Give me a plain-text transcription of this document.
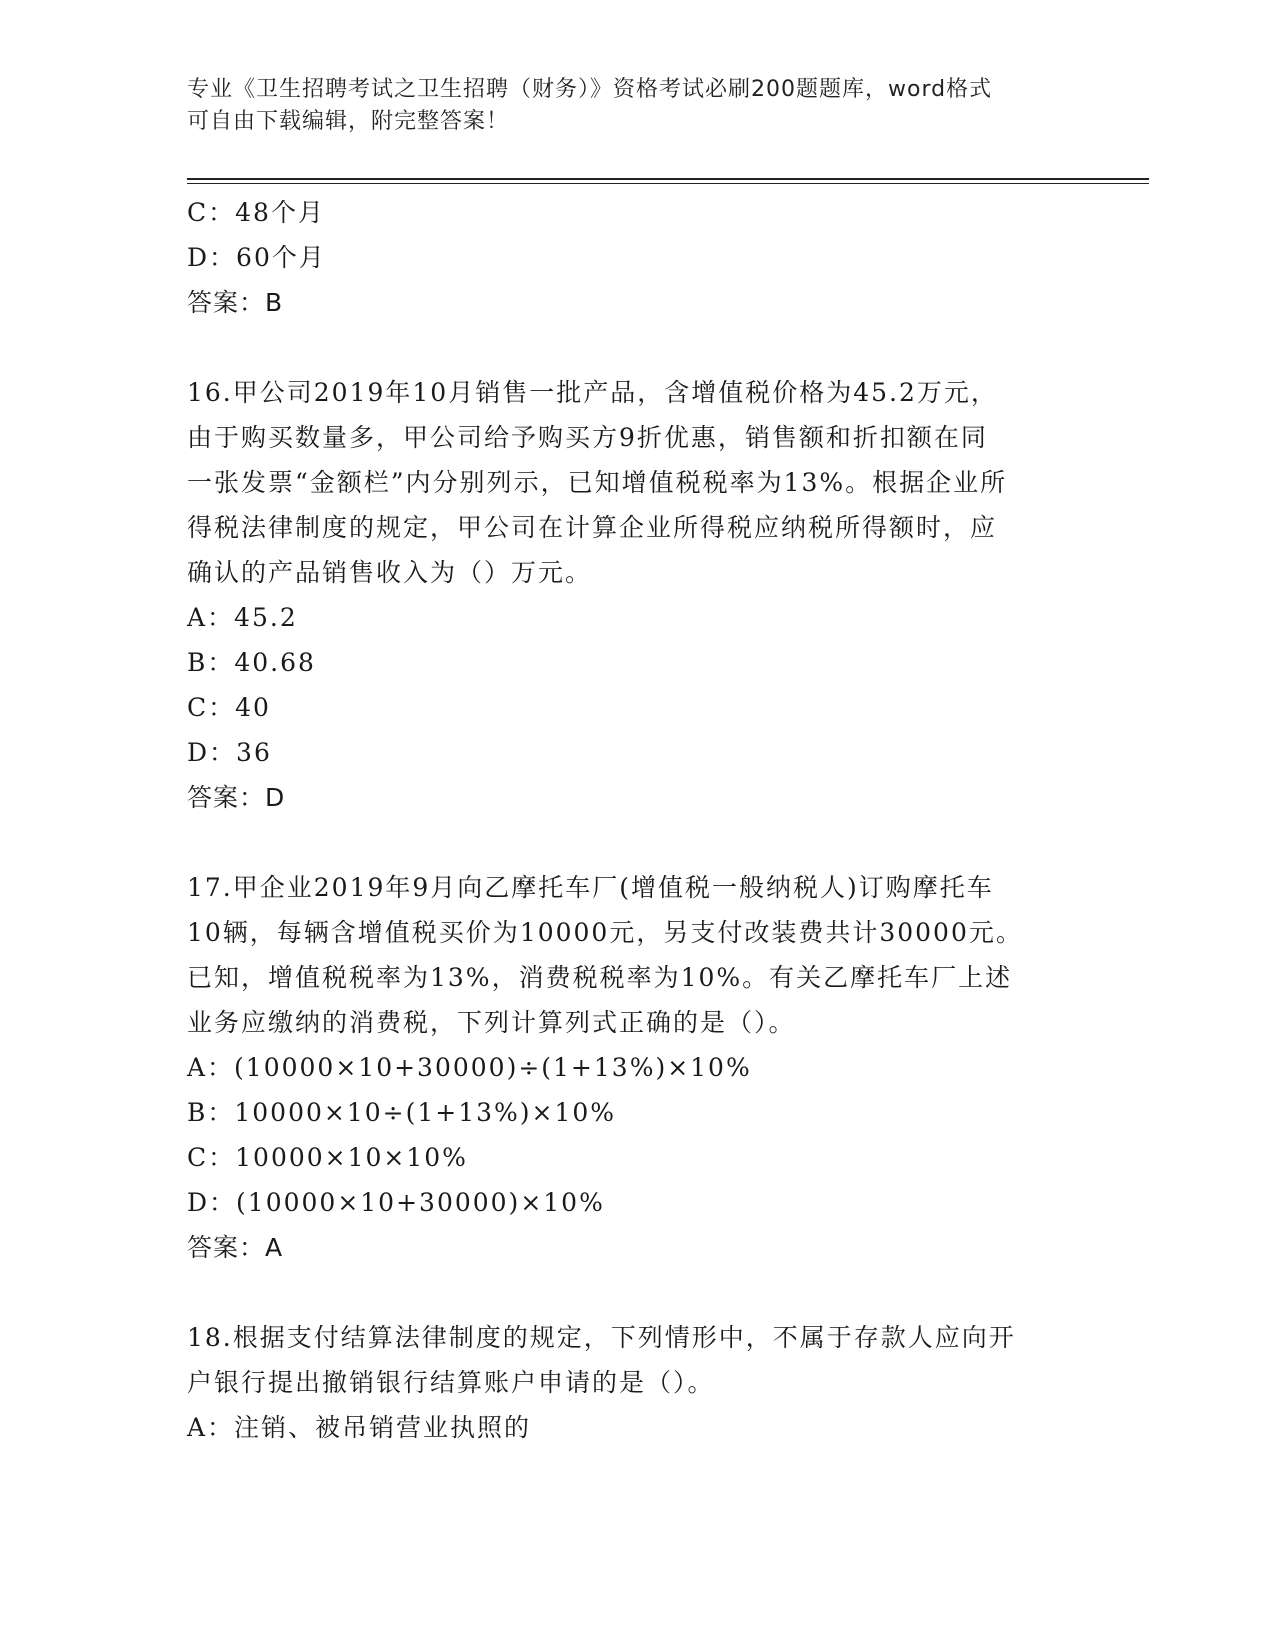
专业《卫生招聘考试之卫生招聘（财务）》资格考试必刷200题题库，word格式
可自由下载编辑，附完整答案！
C：48个月
D：60个月
答案：B
16.甲公司2019年10月销售一批产品，含增值税价格为45.2万元，
由于购买数量多，甲公司给予购买方9折优惠，销售额和折扣额在同
一张发票“金额栏”内分别列示，已知增值税税率为13%。根据企业所
得税法律制度的规定，甲公司在计算企业所得税应纳税所得额时，应
确认的产品销售收入为（）万元。
A：45.2
B：40.68
C：40
D：36
答案：D
17.甲企业2019年9月向乙摩托车厂(增值税一般纳税人)订购摩托车
10辆，每辆含增值税买价为10000元，另支付改装费共计30000元。
已知，增值税税率为13%，消费税税率为10%。有关乙摩托车厂上述
业务应缴纳的消费税，下列计算列式正确的是（）。
A：(10000×10+30000)÷(1+13%)×10%
B：10000×10÷(1+13%)×10%
C：10000×10×10%
D：(10000×10+30000)×10%
答案：A
18.根据支付结算法律制度的规定，下列情形中，不属于存款人应向开
户银行提出撤销银行结算账户申请的是（）。
A：注销、被吊销营业执照的
